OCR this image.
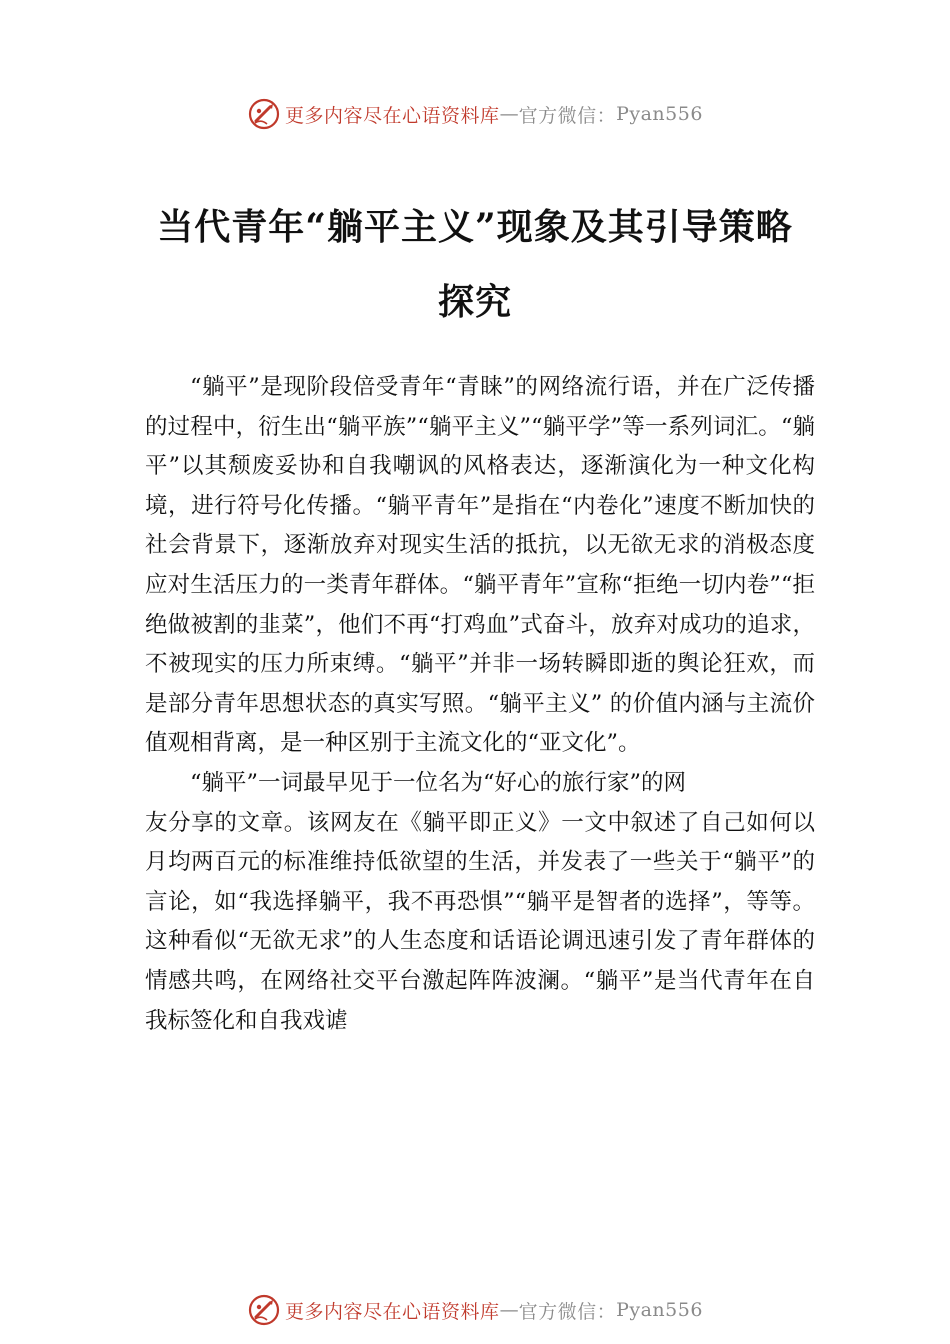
更多内容尽在心语资料库 — 官方微信： Pyan556
当代青年“躺平主义”现象及其引导策略
探究

“躺平”是现阶段倍受青年“青睐”的网络流行语，并在广泛传播的过程中，衍生出“躺平族”“躺平主义”“躺平学”等一系列词汇。“躺平”以其颓废妥协和自我嘲讽的风格表达，逐渐演化为一种文化构境，进行符号化传播。“躺平青年”是指在“内卷化”速度不断加快的社会背景下，逐渐放弃对现实生活的抵抗，以无欲无求的消极态度应对生活压力的一类青年群体。“躺平青年”宣称“拒绝一切内卷”“拒绝做被割的韭菜”，他们不再“打鸡血”式奋斗，放弃对成功的追求，不被现实的压力所束缚。“躺平”并非一场转瞬即逝的舆论狂欢，而是部分青年思想状态的真实写照。“躺平主义” 的价值内涵与主流价值观相背离，是一种区别于主流文化的“亚文化”。

“躺平”一词最早见于一位名为“好心的旅行家”的网

友分享的文章。该网友在《躺平即正义》一文中叙述了自己如何以月均两百元的标准维持低欲望的生活，并发表了一些关于“躺平”的言论，如“我选择躺平，我不再恐惧”“躺平是智者的选择”，等等。这种看似“无欲无求”的人生态度和话语论调迅速引发了青年群体的情感共鸣，在网络社交平台激起阵阵波澜。“躺平”是当代青年在自我标签化和自我戏谑

更多内容尽在心语资料库 — 官方微信： Pyan556
